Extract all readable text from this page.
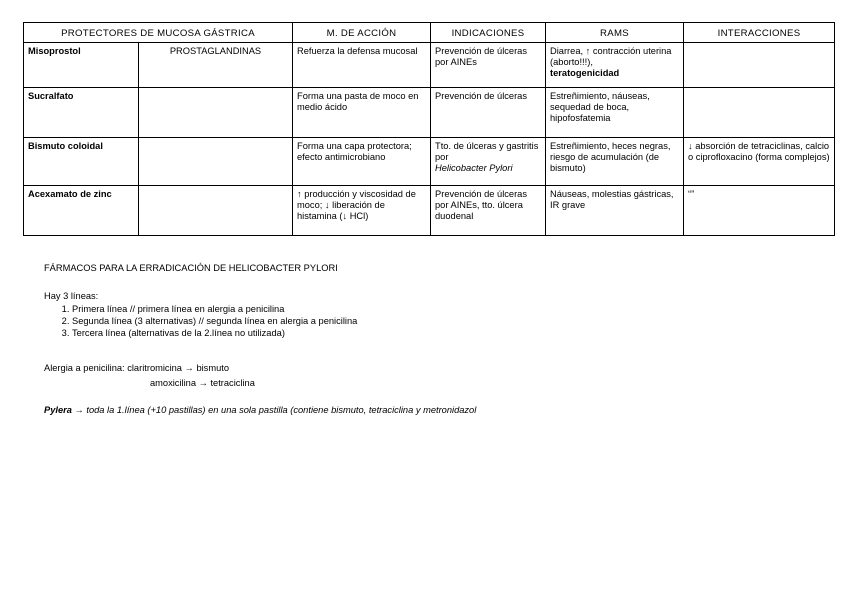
PROTECTORES DE MUCOSA GÁSTRICA		M. DE ACCIÓN	INDICACIONES	RAMS	INTERACCIONES
Misoprostol	PROSTAGLANDINAS	Refuerza la defensa mucosal	Prevención de úlceras por AINEs	Diarrea, ↑ contracción uterina (aborto!!!),
teratogenicidad	
Sucralfato		Forma una pasta de moco en medio ácido	Prevención de úlceras	Estreñimiento, náuseas, sequedad de boca, hipofosfatemia	
Bismuto coloidal		Forma una capa protectora; efecto antimicrobiano	Tto. de úlceras y gastritis por
Helicobacter Pylori	Estreñimiento, heces negras, riesgo de acumulación (de bismuto)	↓ absorción de tetraciclinas, calcio o ciprofloxacino (forma complejos)
Acexamato de zinc		↑ producción y viscosidad de moco; ↓ liberación de histamina (↓ HCl)	Prevención de úlceras por AINEs, tto. úlcera duodenal	Náuseas, molestias gástricas, IR grave	“”
FÁRMACOS PARA LA ERRADICACIÓN DE HELICOBACTER PYLORI
Hay 3 líneas:
1. Primera línea // primera línea en alergia a penicilina
2. Segunda línea (3 alternativas) // segunda línea en alergia a penicilina
3. Tercera línea (alternativas de la 2.línea no utilizada)
Alergia a penicilina: claritromicina → bismuto
amoxicilina → tetraciclina
Pylera → toda la 1.línea (+10 pastillas) en una sola pastilla (contiene bismuto, tetraciclina y metronidazol
